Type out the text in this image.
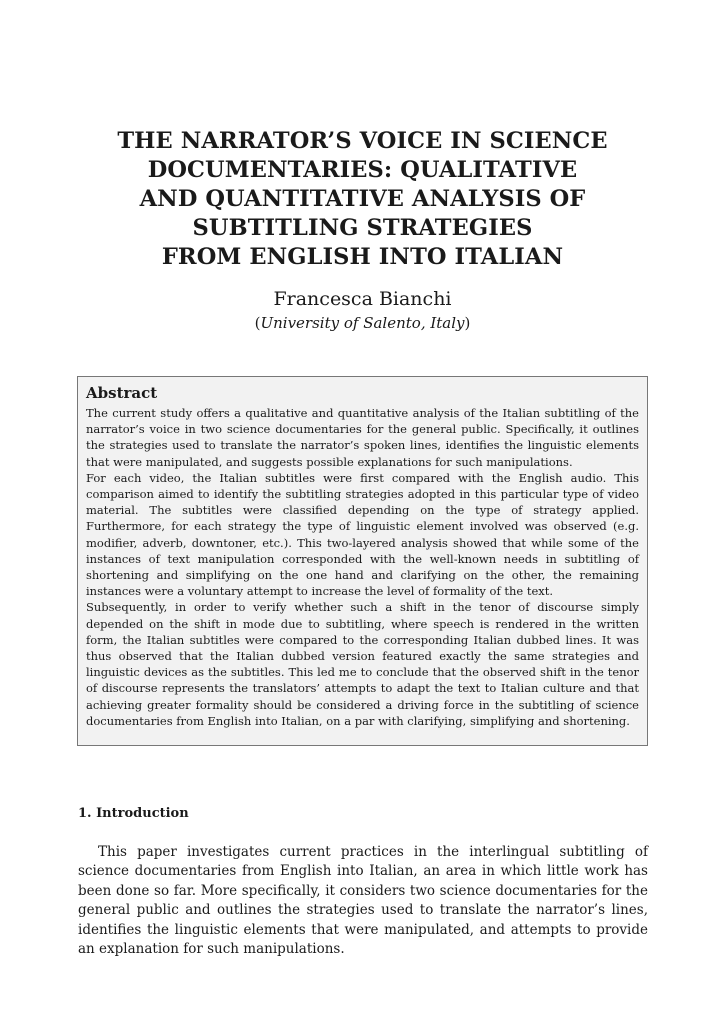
THE NARRATOR’S VOICE IN SCIENCE
DOCUMENTARIES: QUALITATIVE
AND QUANTITATIVE ANALYSIS OF
SUBTITLING STRATEGIES
FROM ENGLISH INTO ITALIAN

Francesca Bianchi

(University of Salento, Italy)

Abstract

The current study offers a qualitative and quantitative analysis of the Italian subtitling of the narrator’s voice in two science documentaries for the general public. Specifically, it outlines the strategies used to translate the narrator’s spoken lines, identifies the linguistic elements that were manipulated, and suggests possible explanations for such manipulations.

For each video, the Italian subtitles were first compared with the English audio. This comparison aimed to identify the subtitling strategies adopted in this particular type of video material. The subtitles were classified depending on the type of strategy applied. Furthermore, for each strategy the type of linguistic element involved was observed (e.g. modifier, adverb, downtoner, etc.). This two-layered analysis showed that while some of the instances of text manipulation corresponded with the well-known needs in subtitling of shortening and simplifying on the one hand and clarifying on the other, the remaining instances were a voluntary attempt to increase the level of formality of the text.

Subsequently, in order to verify whether such a shift in the tenor of discourse simply depended on the shift in mode due to subtitling, where speech is rendered in the written form, the Italian subtitles were compared to the corresponding Italian dubbed lines. It was thus observed that the Italian dubbed version featured exactly the same strategies and linguistic devices as the subtitles. This led me to conclude that the observed shift in the tenor of discourse represents the translators’ attempts to adapt the text to Italian culture and that achieving greater formality should be considered a driving force in the subtitling of science documentaries from English into Italian, on a par with clarifying, simplifying and shortening.

1. Introduction

This paper investigates current practices in the interlingual subtitling of science documentaries from English into Italian, an area in which little work has been done so far. More specifically, it considers two science documentaries for the general public and outlines the strategies used to translate the narrator’s lines, identifies the linguistic elements that were manipulated, and attempts to provide an explanation for such manipulations.
